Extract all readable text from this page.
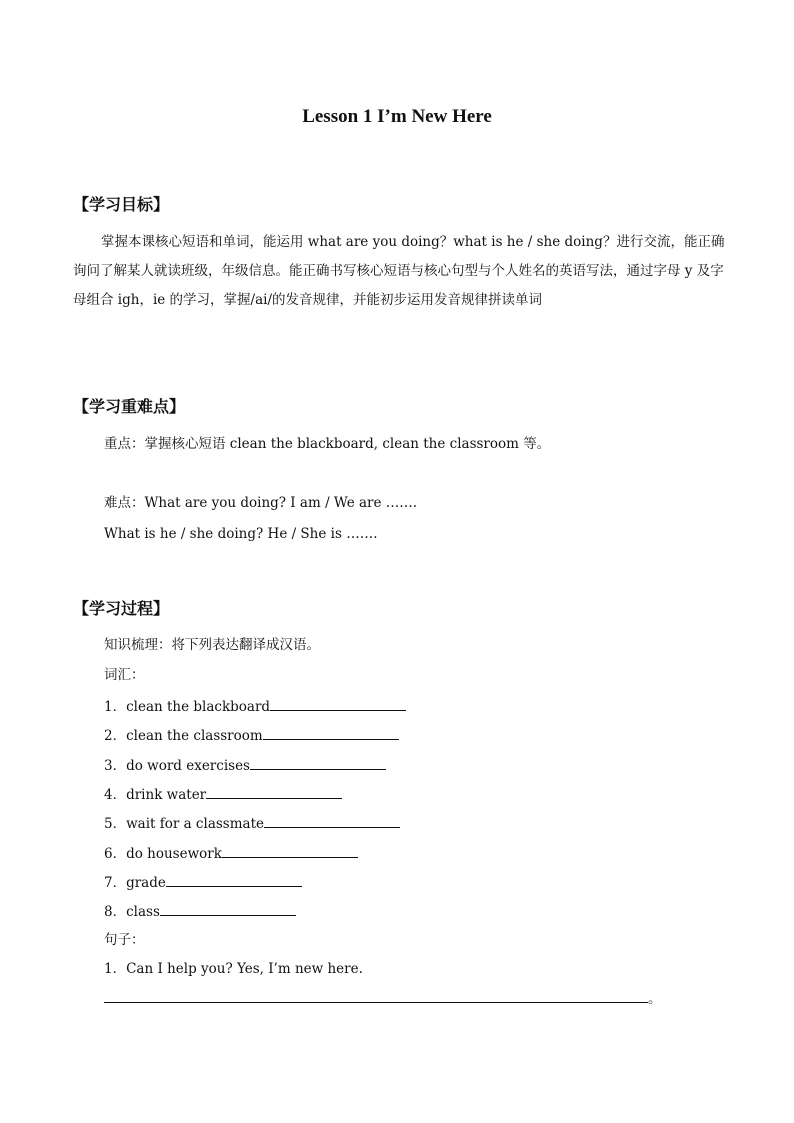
Lesson 1 I’m New Here
【学习目标】
掌握本课核心短语和单词，能运用 what are you doing？what is he / she doing？进行交流，能正确询问了解某人就读班级，年级信息。能正确书写核心短语与核心句型与个人姓名的英语写法，通过字母 y 及字母组合 igh，ie 的学习，掌握/ai/的发音规律，并能初步运用发音规律拼读单词
【学习重难点】
重点：掌握核心短语 clean the blackboard, clean the classroom 等。
难点：What are you doing? I am / We are …….
What is he / she doing? He / She is …….
【学习过程】
知识梳理：将下列表达翻译成汉语。
词汇：
1．clean the blackboard
2．clean the classroom
3．do word exercises
4．drink water
5．wait for a classmate
6．do housework
7．grade
8．class
句子：
1．Can I help you? Yes, I’m new here.
。
